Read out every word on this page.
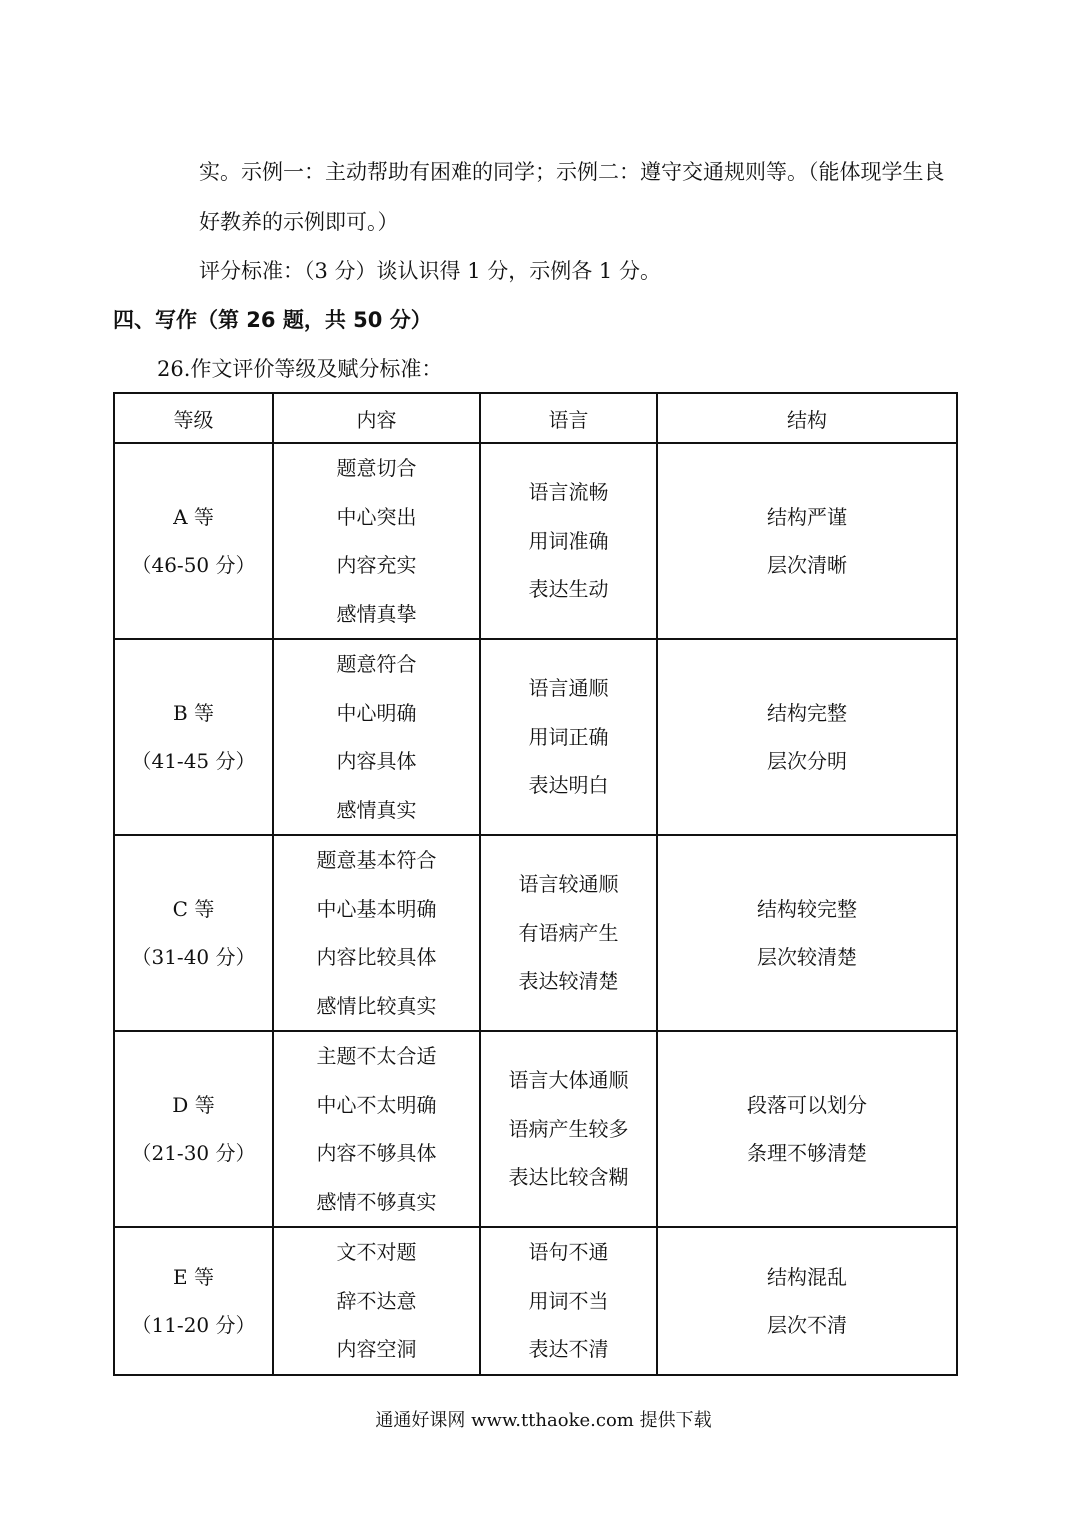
实。示例一：主动帮助有困难的同学；示例二：遵守交通规则等。（能体现学生良
好教养的示例即可。）
评分标准：（3 分）谈认识得 1 分，示例各 1 分。
四、写作（第 26 题，共 50 分）
26.作文评价等级及赋分标准：
等级	内容	语言	结构

A 等
（46-50 分）	题意切合
中心突出
内容充实
感情真挚	语言流畅
用词准确
表达生动	结构严谨
层次清晰

B 等
（41-45 分）	题意符合
中心明确
内容具体
感情真实	语言通顺
用词正确
表达明白	结构完整
层次分明

C 等
（31-40 分）	题意基本符合
中心基本明确
内容比较具体
感情比较真实	语言较通顺
有语病产生
表达较清楚	结构较完整
层次较清楚

D 等
（21-30 分）	主题不太合适
中心不太明确
内容不够具体
感情不够真实	语言大体通顺
语病产生较多
表达比较含糊	段落可以划分
条理不够清楚

E 等
（11-20 分）	文不对题
辞不达意
内容空洞	语句不通
用词不当
表达不清	结构混乱
层次不清
通通好课网 www.tthaoke.com 提供下载
